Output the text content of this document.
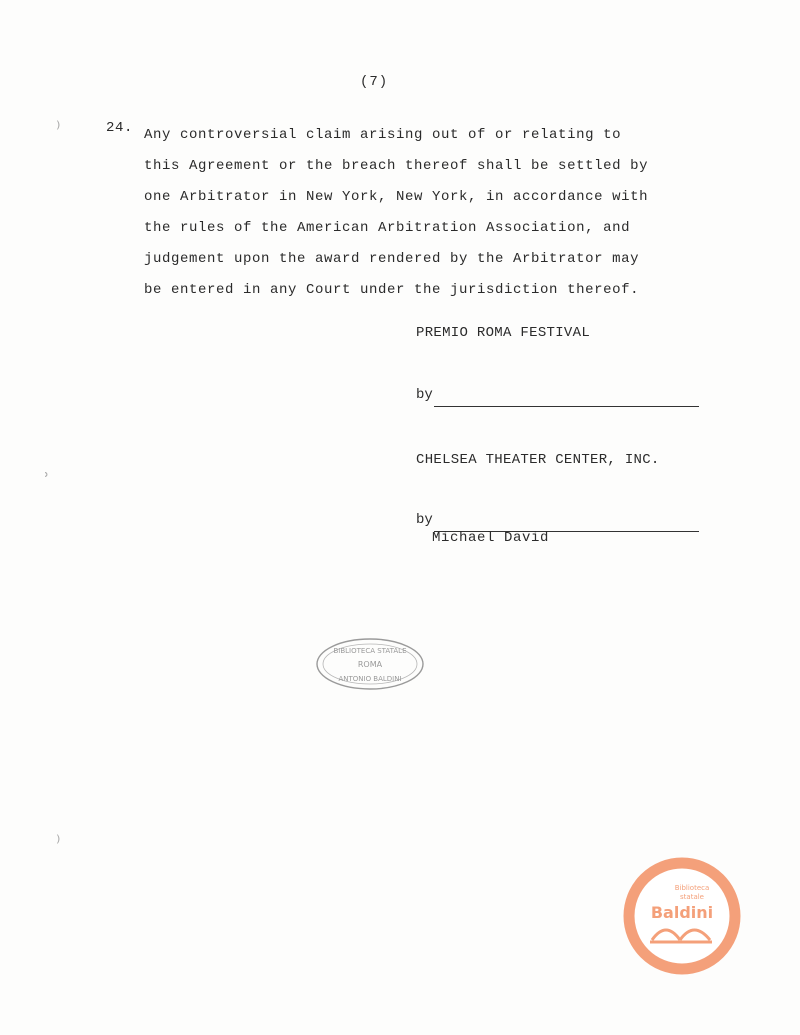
(7)
⁾
ʾ
⁾
24. Any controversial claim arising out of or relating to
this Agreement or the breach thereof shall be settled by
one Arbitrator in New York, New York, in accordance with
the rules of the American Arbitration Association, and
judgement upon the award rendered by the Arbitrator may
be entered in any Court under the jurisdiction thereof.
PREMIO ROMA FESTIVAL
by
CHELSEA THEATER CENTER, INC.
by
Michael David
BIBLIOTECA STATALE
ROMA
ANTONIO BALDINI
Biblioteca
statale
Baldini
